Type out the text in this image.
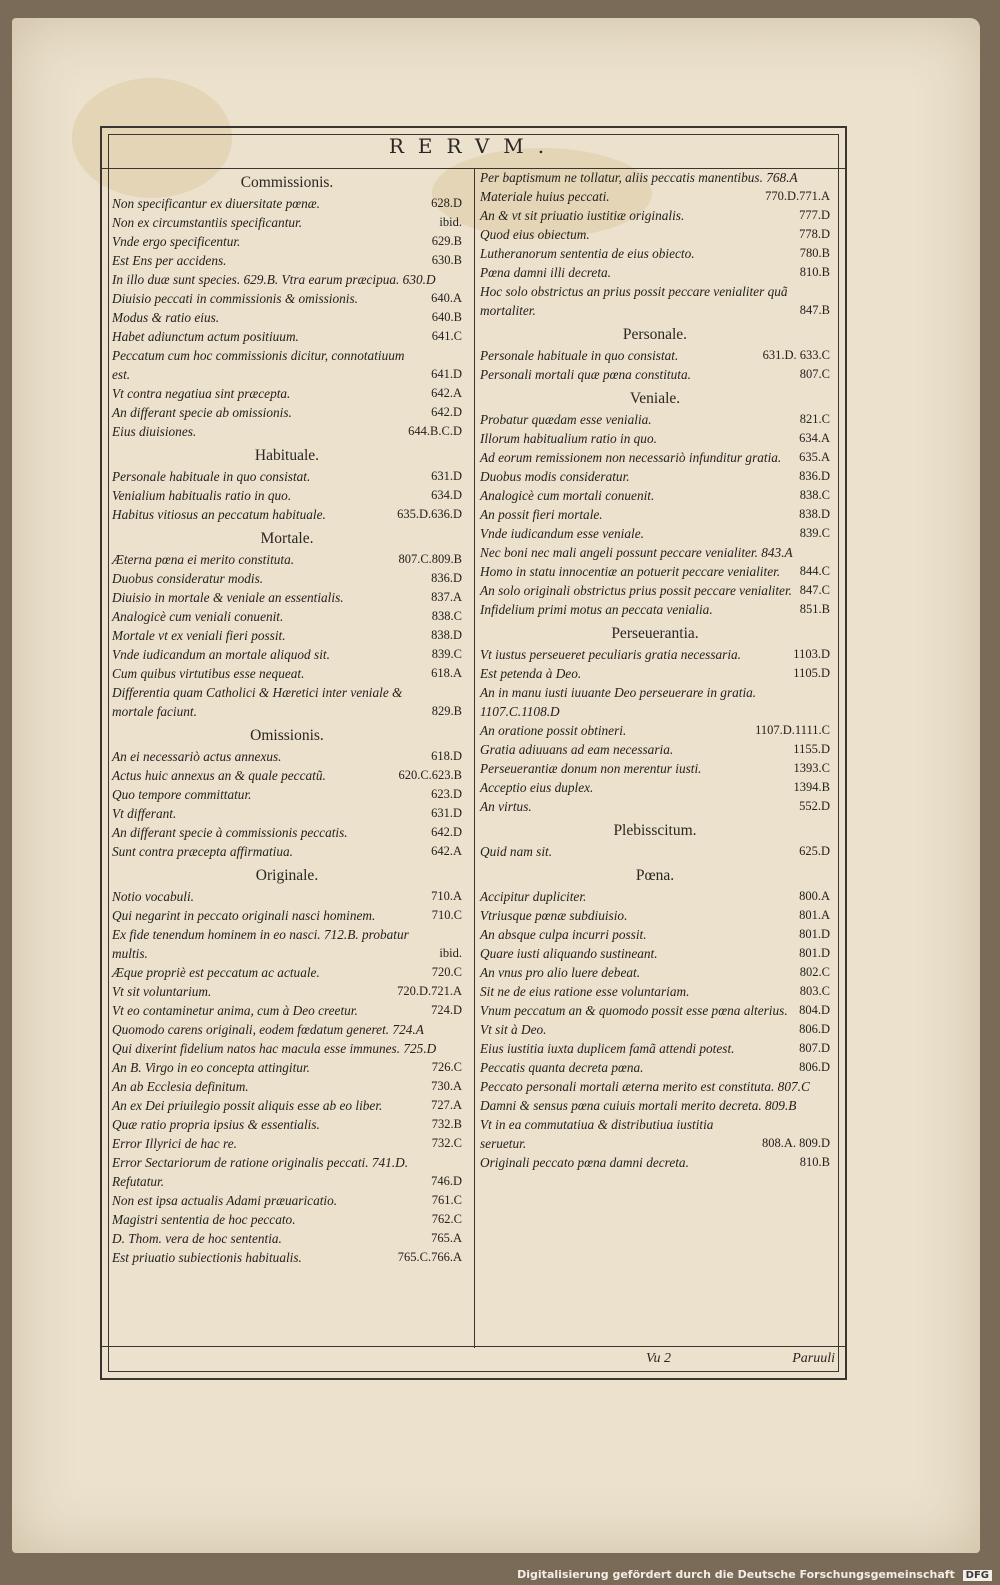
RERVM.
Commissionis.
Non specificantur ex diuersitate pœnæ.	628.D
Non ex circumstantiis specificantur.	ibid.
Vnde ergo specificentur.	629.B
Est Ens per accidens.	630.B
In illo duæ sunt species. 629.B. Vtra earum præcipua. 630.D
Diuisio peccati in commissionis & omissionis.	640.A
Modus & ratio eius.	640.B
Habet adiunctum actum positiuum.	641.C
Peccatum cum hoc commissionis dicitur, connotatiuum est.	641.D
Vt contra negatiua sint præcepta.	642.A
An differant specie ab omissionis.	642.D
Eius diuisiones.	644.B.C.D
Habituale.
Personale habituale in quo consistat.	631.D
Venialium habitualis ratio in quo.	634.D
Habitus vitiosus an peccatum habituale.	635.D.636.D
Mortale.
Æterna pœna ei merito constituta.	807.C.809.B
Duobus consideratur modis.	836.D
Diuisio in mortale & veniale an essentialis.	837.A
Analogicè cum veniali conuenit.	838.C
Mortale vt ex veniali fieri possit.	838.D
Vnde iudicandum an mortale aliquod sit.	839.C
Cum quibus virtutibus esse nequeat.	618.A
Differentia quam Catholici & Hæretici inter veniale & mortale faciunt.	829.B
Omissionis.
An ei necessariò actus annexus.	618.D
Actus huic annexus an & quale peccatũ.	620.C.623.B
Quo tempore committatur.	623.D
Vt differant.	631.D
An differant specie à commissionis peccatis.	642.D
Sunt contra præcepta affirmatiua.	642.A
Originale.
Notio vocabuli.	710.A
Qui negarint in peccato originali nasci hominem.	710.C
Ex fide tenendum hominem in eo nasci. 712.B. probatur multis.	ibid.
Æque propriè est peccatum ac actuale.	720.C
Vt sit voluntarium.	720.D.721.A
Vt eo contaminetur anima, cum à Deo creetur.	724.D
Quomodo carens originali, eodem fœdatum generet. 724.A
Qui dixerint fidelium natos hac macula esse immunes. 725.D
An B. Virgo in eo concepta attingitur.	726.C
An ab Ecclesia definitum.	730.A
An ex Dei priuilegio possit aliquis esse ab eo liber.	727.A
Quæ ratio propria ipsius & essentialis.	732.B
Error Illyrici de hac re.	732.C
Error Sectariorum de ratione originalis peccati. 741.D. Refutatur.	746.D
Non est ipsa actualis Adami præuaricatio.	761.C
Magistri sententia de hoc peccato.	762.C
D. Thom. vera de hoc sententia.	765.A
Est priuatio subiectionis habitualis.	765.C.766.A
Per baptismum ne tollatur, aliis peccatis manentibus. 768.A
Materiale huius peccati.	770.D.771.A
An & vt sit priuatio iustitiæ originalis.	777.D
Quod eius obiectum.	778.D
Lutheranorum sententia de eius obiecto.	780.B
Pœna damni illi decreta.	810.B
Hoc solo obstrictus an prius possit peccare venialiter quã mortaliter.	847.B
Personale.
Personale habituale in quo consistat.	631.D. 633.C
Personali mortali quæ pœna constituta.	807.C
Veniale.
Probatur quædam esse venialia.	821.C
Illorum habitualium ratio in quo.	634.A
Ad eorum remissionem non necessariò infunditur gratia.	635.A
Duobus modis consideratur.	836.D
Analogicè cum mortali conuenit.	838.C
An possit fieri mortale.	838.D
Vnde iudicandum esse veniale.	839.C
Nec boni nec mali angeli possunt peccare venialiter. 843.A
Homo in statu innocentiæ an potuerit peccare venialiter.	844.C
An solo originali obstrictus prius possit peccare venialiter. 847.C
Infidelium primi motus an peccata venialia.	851.B
Perseuerantia.
Vt iustus perseueret peculiaris gratia necessaria.	1103.D
Est petenda à Deo.	1105.D
An in manu iusti iuuante Deo perseuerare in gratia. 1107.C.1108.D
An oratione possit obtineri.	1107.D.1111.C
Gratia adiuuans ad eam necessaria.	1155.D
Perseuerantiæ donum non merentur iusti.	1393.C
Acceptio eius duplex.	1394.B
An virtus.	552.D
Plebisscitum.
Quid nam sit.	625.D
Pœna.
Accipitur dupliciter.	800.A
Vtriusque pœnæ subdiuisio.	801.A
An absque culpa incurri possit.	801.D
Quare iusti aliquando sustineant.	801.D
An vnus pro alio luere debeat.	802.C
Sit ne de eius ratione esse voluntariam.	803.C
Vnum peccatum an & quomodo possit esse pœna alterius. 804.D
Vt sit à Deo.	806.D
Eius iustitia iuxta duplicem famã attendi potest.	807.D
Peccatis quanta decreta pœna.	806.D
Peccato personali mortali æterna merito est constituta. 807.C
Damni & sensus pœna cuiuis mortali merito decreta. 809.B
Vt in ea commutatiua & distributiua iustitia seruetur.	808.A. 809.D
Originali peccato pœna damni decreta.	810.B
Vu 2	Paruuli
Digitalisierung gefördert durch die Deutsche Forschungsgemeinschaft DFG
